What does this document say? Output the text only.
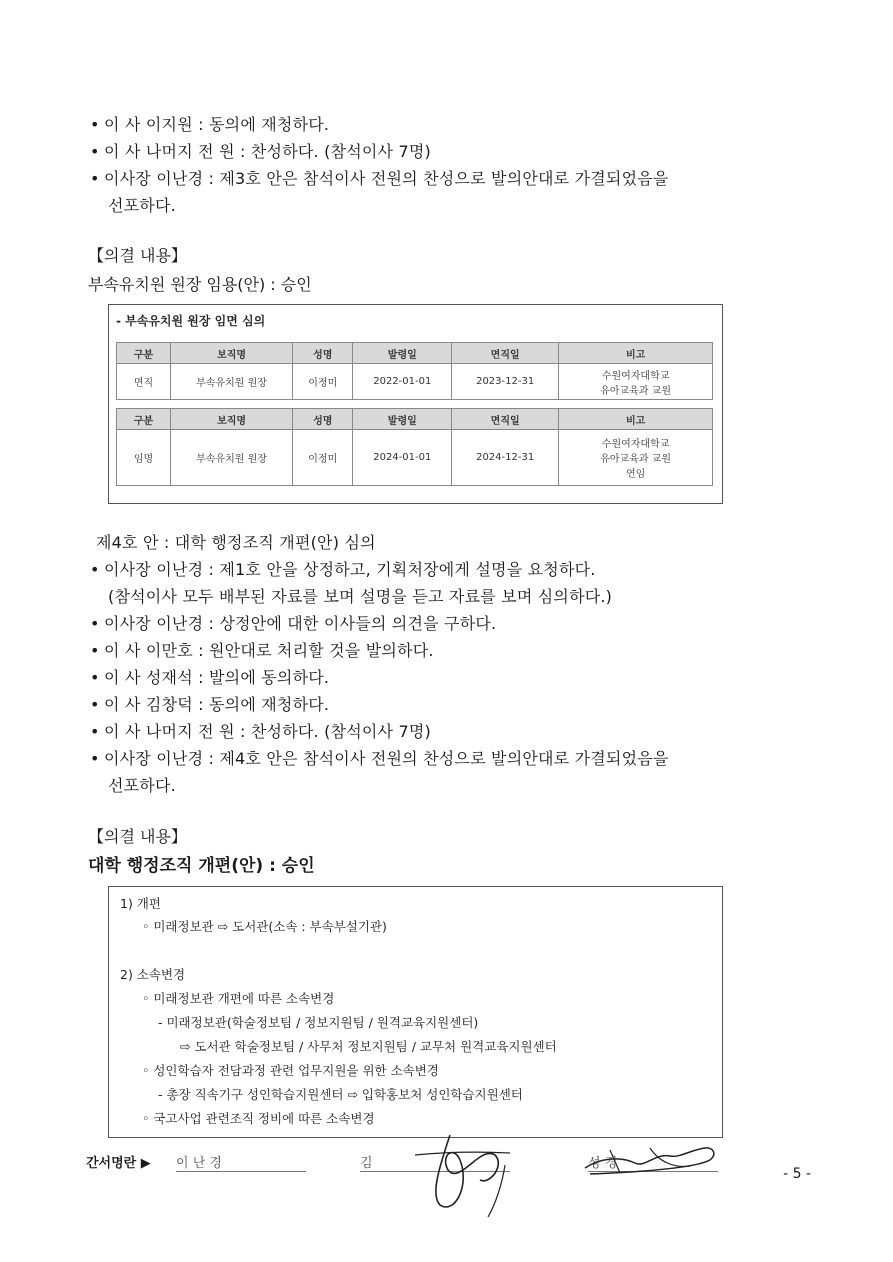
• 이 사 이지원 : 동의에 재청하다.
• 이 사 나머지 전 원 : 찬성하다. (참석이사 7명)
• 이사장 이난경 : 제3호 안은 참석이사 전원의 찬성으로 발의안대로 가결되었음을
선포하다.
【의결 내용】
부속유치원 원장 임용(안) : 승인
- 부속유치원 원장 임면 심의
구분	보직명	성명	발령일	면직일	비고
면직	부속유치원 원장	이정미	2022-01-01	2023-12-31	수원여자대학교
유아교육과 교원
구분	보직명	성명	발령일	면직일	비고
임명	부속유치원 원장	이정미	2024-01-01	2024-12-31	수원여자대학교
유아교육과 교원
연임
제4호 안 : 대학 행정조직 개편(안) 심의
• 이사장 이난경 : 제1호 안을 상정하고, 기획처장에게 설명을 요청하다.
(참석이사 모두 배부된 자료를 보며 설명을 듣고 자료를 보며 심의하다.)
• 이사장 이난경 : 상정안에 대한 이사들의 의견을 구하다.
• 이 사 이만호 : 원안대로 처리할 것을 발의하다.
• 이 사 성재석 : 발의에 동의하다.
• 이 사 김창덕 : 동의에 재청하다.
• 이 사 나머지 전 원 : 찬성하다. (참석이사 7명)
• 이사장 이난경 : 제4호 안은 참석이사 전원의 찬성으로 발의안대로 가결되었음을
선포하다.
【의결 내용】
대학 행정조직 개편(안) : 승인
1) 개편
◦ 미래정보관 ⇨ 도서관(소속 : 부속부설기관)
2) 소속변경
◦ 미래정보관 개편에 따른 소속변경
- 미래정보관(학술정보팀 / 정보지원팀 / 원격교육지원센터)
⇨ 도서관 학술정보팀 / 사무처 정보지원팀 / 교무처 원격교육지원센터
◦ 성인학습자 전담과정 관련 업무지원을 위한 소속변경
- 총장 직속기구 성인학습지원센터 ⇨ 입학홍보처 성인학습지원센터
◦ 국고사업 관련조직 정비에 따른 소속변경
간서명란 ▶ 이 난 경	김	성 경
- 5 -
